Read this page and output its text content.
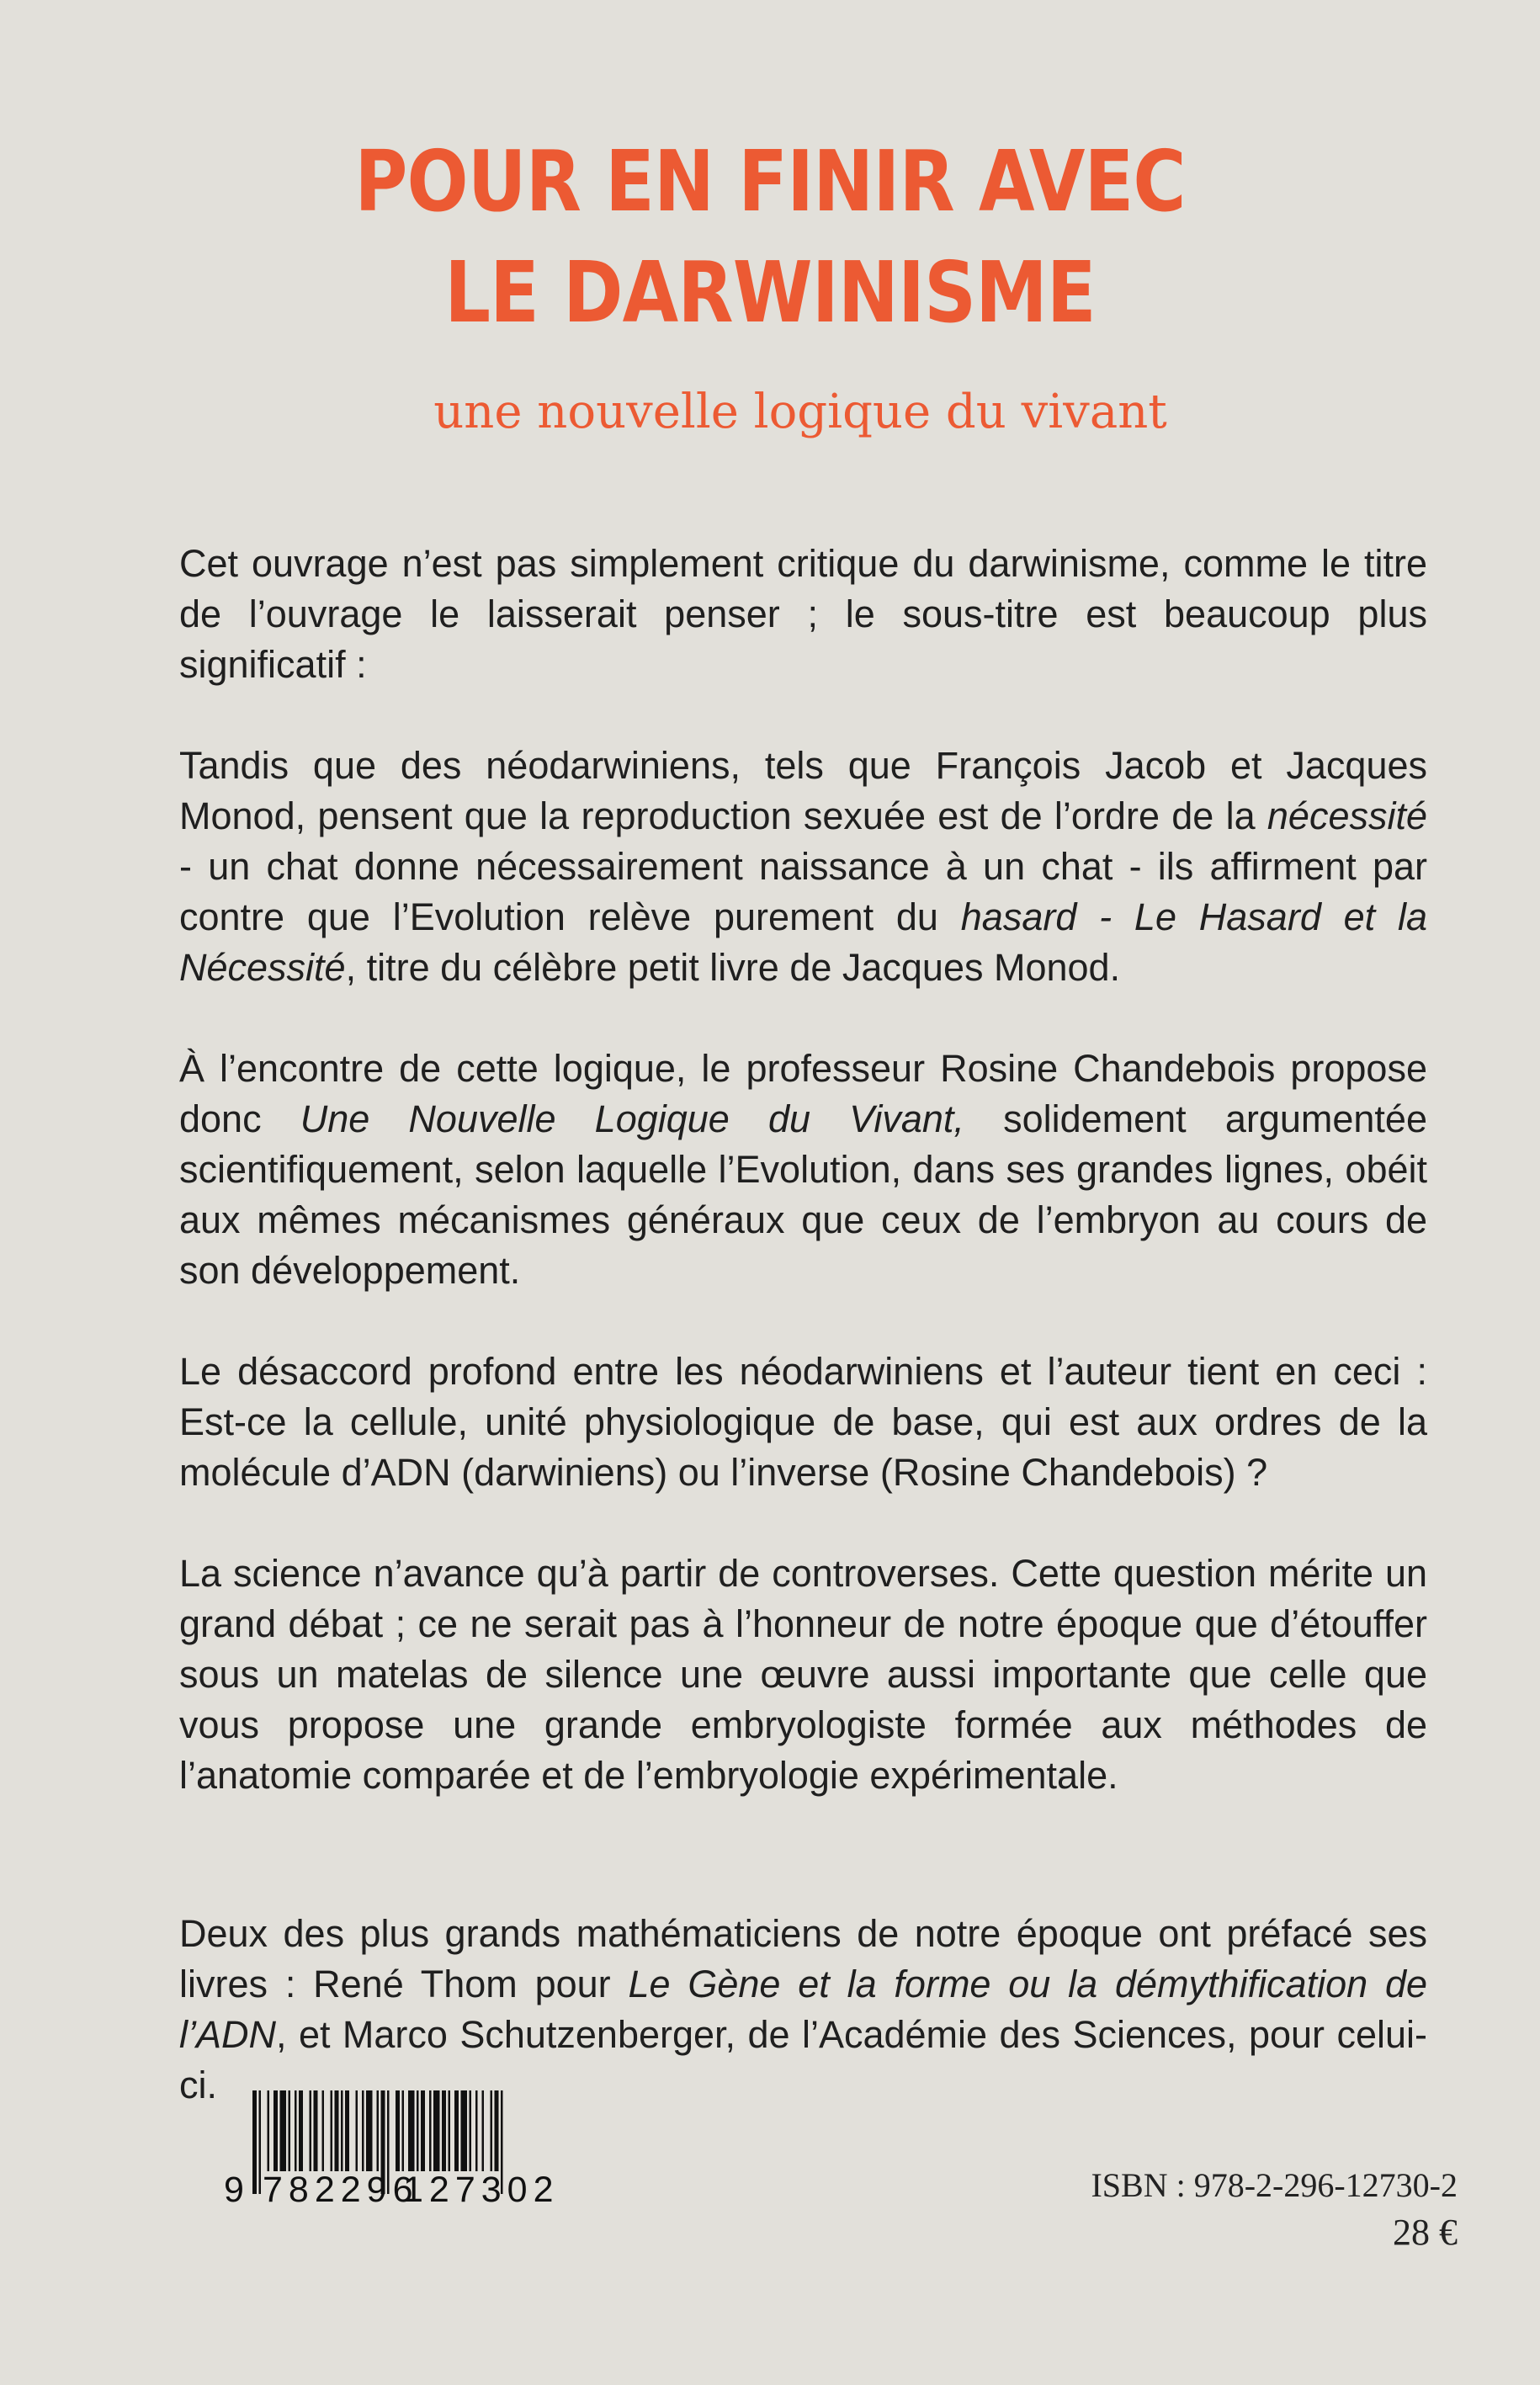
POUR EN FINIR AVEC
LE DARWINISME
une nouvelle logique du vivant

Cet ouvrage n’est pas simplement critique du darwinisme, comme le titre de l’ouvrage le laisserait penser ; le sous-titre est beaucoup plus significatif :

Tandis que des néodarwiniens, tels que François Jacob et Jacques Monod, pensent que la reproduction sexuée est de l’ordre de la nécessité - un chat donne nécessairement naissance à un chat - ils affirment par contre que l’Evolution relève purement du hasard - Le Hasard et la Nécessité, titre du célèbre petit livre de Jacques Monod.

À l’encontre de cette logique, le professeur Rosine Chandebois propose donc Une Nouvelle Logique du Vivant, solidement argumentée scientifiquement, selon laquelle l’Evolution, dans ses grandes lignes, obéit aux mêmes mécanismes généraux que ceux de l’embryon au cours de son développement.

Le désaccord profond entre les néodarwiniens et l’auteur tient en ceci : Est-ce la cellule, unité physiologique de base, qui est aux ordres de la molécule d’ADN (darwiniens) ou l’inverse (Rosine Chandebois) ?

La science n’avance qu’à partir de controverses. Cette question mérite un grand débat ; ce ne serait pas à l’honneur de notre époque que d’étouffer sous un matelas de silence une œuvre aussi importante que celle que vous propose une grande embryologiste formée aux méthodes de l’anatomie comparée et de l’embryologie expérimentale.

Deux des plus grands mathématiciens de notre époque ont préfacé ses livres : René Thom pour Le Gène et la forme ou la démythification de l’ADN, et Marco Schutzenberger, de l’Académie des Sciences, pour celui-ci.

9 782296
127302	ISBN : 978-2-296-12730-2
28 €
